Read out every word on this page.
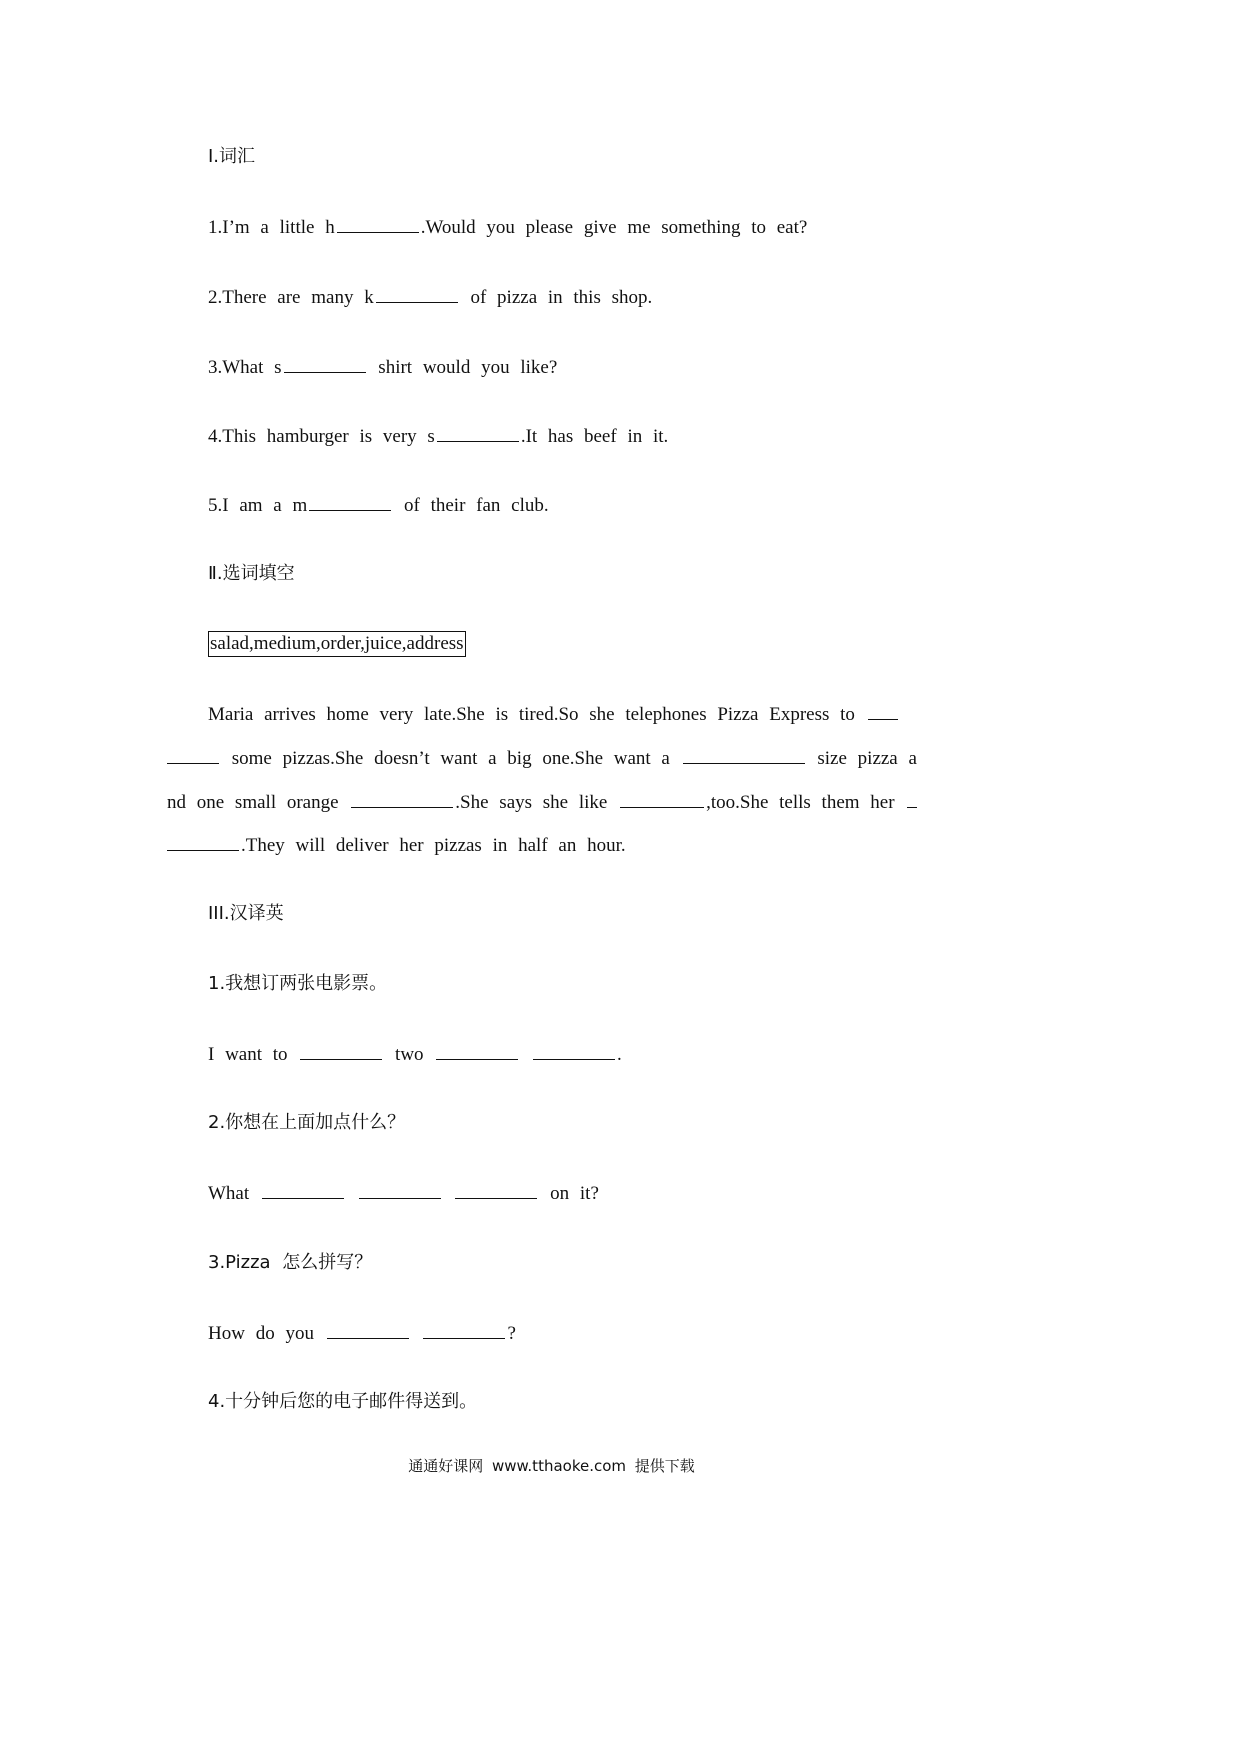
Ⅰ.词汇
1.I’m a little h	.Would you please give me something to eat?
2.There are many k	of pizza in this shop.
3.What s	shirt would you like?
4.This hamburger is very s	.It has beef in it.
5.I am a m	of their fan club.
Ⅱ.选词填空
salad,medium,order,juice,address
Maria arrives home very late.She is tired.So she telephones Pizza Express to
some pizzas.She doesn’t want a big one.She want a	size pizza a
nd one small orange	.She says she like	,too.She tells them her
.They will deliver her pizzas in half an hour.
III.汉译英
1.我想订两张电影票。
I want to	two	.
2.你想在上面加点什么？
What	on it?
3.Pizza 怎么拼写？
How do you	?
4.十分钟后您的电子邮件得送到。
通通好课网 www.tthaoke.com 提供下载
